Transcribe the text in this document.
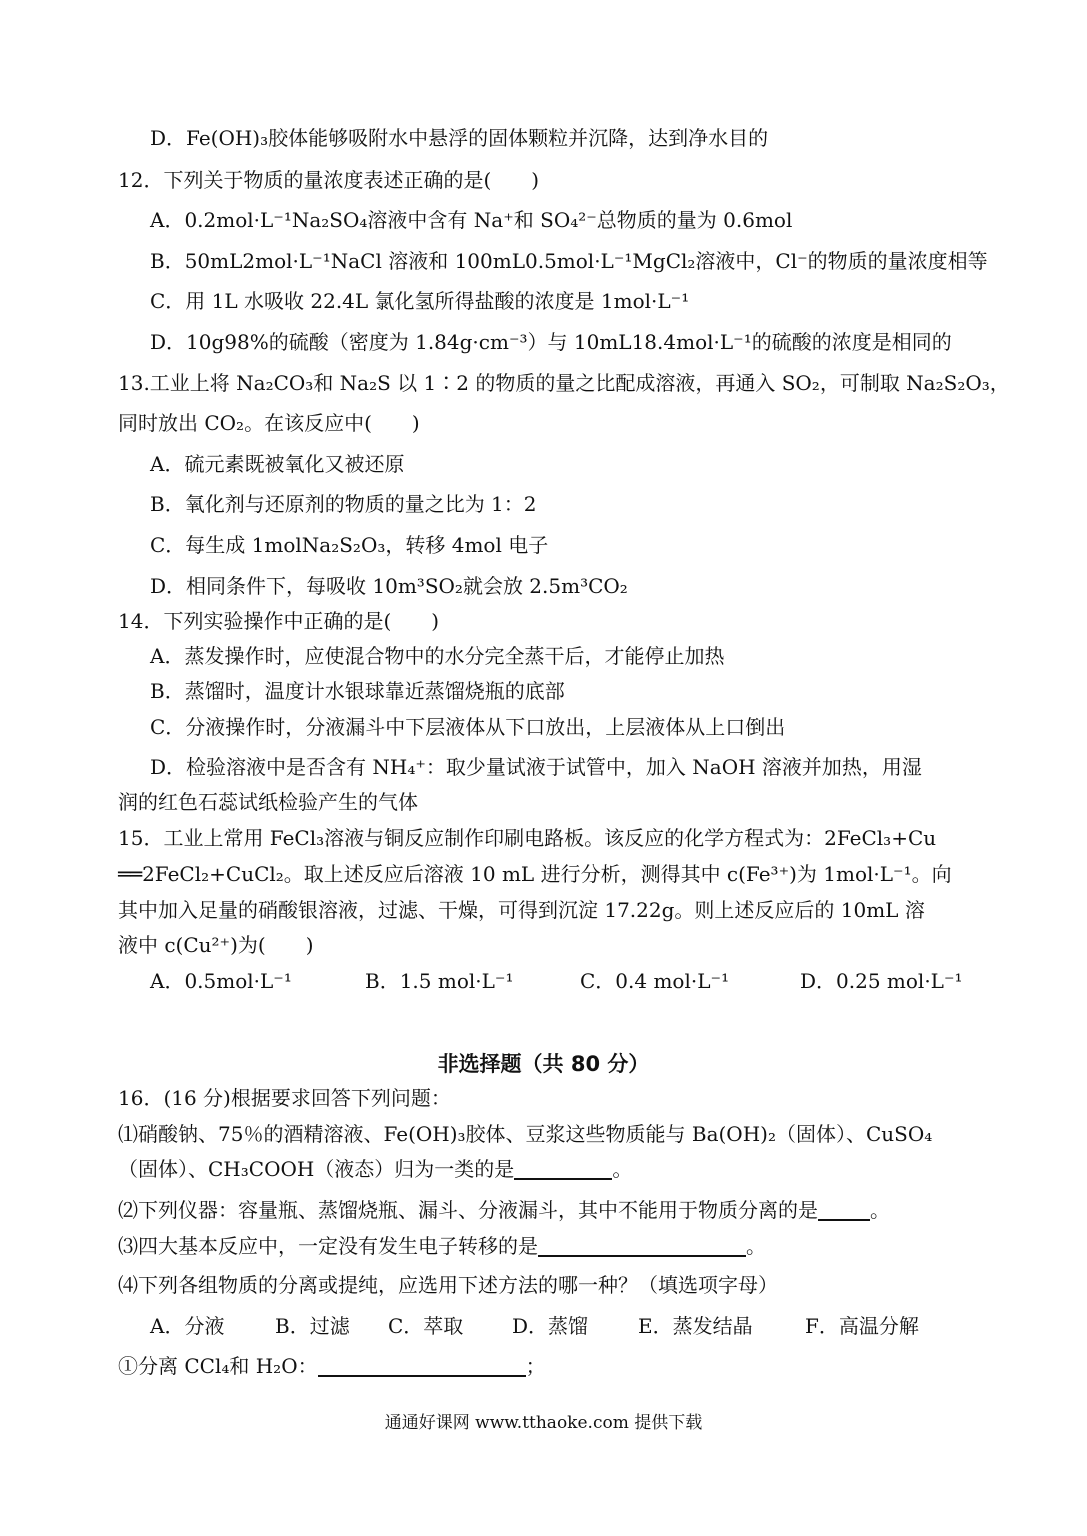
D．Fe(OH)₃胶体能够吸附水中悬浮的固体颗粒并沉降，达到净水目的
12．下列关于物质的量浓度表述正确的是(　　)
A．0.2mol·L⁻¹Na₂SO₄溶液中含有 Na⁺和 SO₄²⁻总物质的量为 0.6mol
B．50mL2mol·L⁻¹NaCl 溶液和 100mL0.5mol·L⁻¹MgCl₂溶液中，Cl⁻的物质的量浓度相等
C．用 1L 水吸收 22.4L 氯化氢所得盐酸的浓度是 1mol·L⁻¹
D．10g98%的硫酸（密度为 1.84g·cm⁻³）与 10mL18.4mol·L⁻¹的硫酸的浓度是相同的
13.工业上将 Na₂CO₃和 Na₂S 以 1∶2 的物质的量之比配成溶液，再通入 SO₂，可制取 Na₂S₂O₃，
同时放出 CO₂。在该反应中(　　)
A．硫元素既被氧化又被还原
B．氧化剂与还原剂的物质的量之比为 1：2
C．每生成 1molNa₂S₂O₃，转移 4mol 电子
D．相同条件下，每吸收 10m³SO₂就会放 2.5m³CO₂
14．下列实验操作中正确的是(　　)
A．蒸发操作时，应使混合物中的水分完全蒸干后，才能停止加热
B．蒸馏时，温度计水银球靠近蒸馏烧瓶的底部
C．分液操作时，分液漏斗中下层液体从下口放出，上层液体从上口倒出
D．检验溶液中是否含有 NH₄⁺：取少量试液于试管中，加入 NaOH 溶液并加热，用湿
润的红色石蕊试纸检验产生的气体
15．工业上常用 FeCl₃溶液与铜反应制作印刷电路板。该反应的化学方程式为：2FeCl₃+Cu
══2FeCl₂+CuCl₂。取上述反应后溶液 10 mL 进行分析，测得其中 c(Fe³⁺)为 1mol·L⁻¹。向
其中加入足量的硝酸银溶液，过滤、干燥，可得到沉淀 17.22g。则上述反应后的 10mL 溶
液中 c(Cu²⁺)为(　　)
A．0.5mol·L⁻¹	B．1.5 mol·L⁻¹	C．0.4 mol·L⁻¹	D．0.25 mol·L⁻¹
非选择题（共 80 分）
16．(16 分)根据要求回答下列问题：
⑴硝酸钠、75％的酒精溶液、Fe(OH)₃胶体、豆浆这些物质能与 Ba(OH)₂（固体）、CuSO₄
（固体）、CH₃COOH（液态）归为一类的是	。
⑵下列仪器：容量瓶、蒸馏烧瓶、漏斗、分液漏斗，其中不能用于物质分离的是	。
⑶四大基本反应中，一定没有发生电子转移的是	。
⑷下列各组物质的分离或提纯，应选用下述方法的哪一种？（填选项字母）
A．分液	B．过滤 C．萃取 D．蒸馏 E．蒸发结晶	F．高温分解
①分离 CCl₄和 H₂O：	；
通通好课网 www.tthaoke.com 提供下载
